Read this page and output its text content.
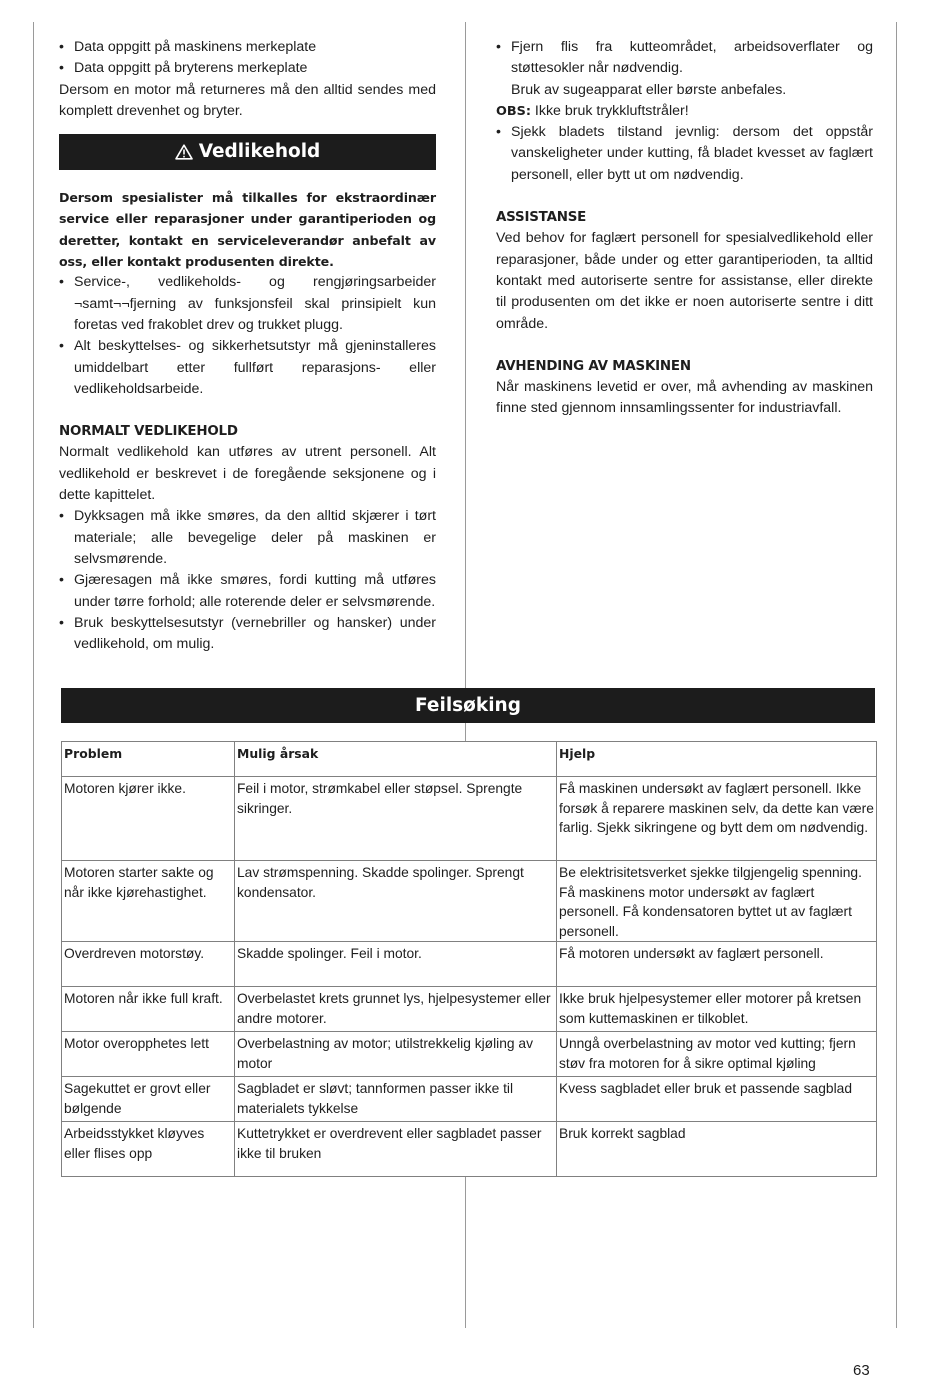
• Data oppgitt på maskinens merkeplate
• Data oppgitt på bryterens merkeplate

Dersom en motor må returneres må den alltid sendes med komplett drevenhet og bryter.

Vedlikehold

Dersom spesialister må tilkalles for ekstraordinær service eller reparasjoner under garantiperioden og deretter, kontakt en serviceleverandør anbefalt av oss, eller kontakt produsenten direkte.

• Service-, vedlikeholds- og rengjøringsarbeider ¬samt¬¬fjerning av funksjonsfeil skal prinsipielt kun foretas ved frakoblet drev og trukket plugg.
• Alt beskyttelses- og sikkerhetsutstyr må gjeninstalleres umiddelbart etter fullført reparasjons- eller vedlikeholdsarbeide.

NORMALT VEDLIKEHOLD

Normalt vedlikehold kan utføres av utrent personell. Alt vedlikehold er beskrevet i de foregående seksjonene og i dette kapittelet.

• Dykksagen må ikke smøres, da den alltid skjærer i tørt materiale; alle bevegelige deler på maskinen er selvsmørende.
• Gjæresagen må ikke smøres, fordi kutting må utføres under tørre forhold; alle roterende deler er selvsmørende.
• Bruk beskyttelsesutstyr (vernebriller og hansker) under vedlikehold, om mulig.
• Fjern flis fra kutteområdet, arbeidsoverflater og støttesokler når nødvendig.
Bruk av sugeapparat eller børste anbefales.

OBS: Ikke bruk trykkluftstråler!

• Sjekk bladets tilstand jevnlig: dersom det oppstår vanskeligheter under kutting, få bladet kvesset av faglært personell, eller bytt ut om nødvendig.

ASSISTANSE

Ved behov for faglært personell for spesialvedlikehold eller reparasjoner, både under og etter garantiperioden, ta alltid kontakt med autoriserte sentre for assistanse, eller direkte til produsenten om det ikke er noen autoriserte sentre i ditt område.

AVHENDING AV MASKINEN

Når maskinens levetid er over, må avhending av maskinen finne sted gjennom innsamlingssenter for industriavfall.

Feilsøking
Problem	Mulig årsak	Hjelp
Motoren kjører ikke.	Feil i motor, strømkabel eller støpsel. Sprengte sikringer.	Få maskinen undersøkt av faglært personell. Ikke forsøk å reparere maskinen selv, da dette kan være farlig. Sjekk sikringene og bytt dem om nødvendig.
Motoren starter sakte og når ikke kjørehastighet.	Lav strømspenning. Skadde spolinger. Sprengt kondensator.	Be elektrisitetsverket sjekke tilgjengelig spenning. Få maskinens motor undersøkt av faglært personell. Få kondensatoren byttet ut av faglært personell.
Overdreven motorstøy.	Skadde spolinger. Feil i motor.	Få motoren undersøkt av faglært personell.
Motoren når ikke full kraft.	Overbelastet krets grunnet lys, hjelpesystemer eller andre motorer.	Ikke bruk hjelpesystemer eller motorer på kretsen som kuttemaskinen er tilkoblet.
Motor overopphetes lett	Overbelastning av motor; utilstrekkelig kjøling av motor	Unngå overbelastning av motor ved kutting; fjern støv fra motoren for å sikre optimal kjøling
Sagekuttet er grovt eller bølgende	Sagbladet er sløvt; tannformen passer ikke til materialets tykkelse	Kvess sagbladet eller bruk et passende sagblad
Arbeidsstykket kløyves eller flises opp	Kuttetrykket er overdrevent eller sagbladet passer ikke til bruken	Bruk korrekt sagblad
63
